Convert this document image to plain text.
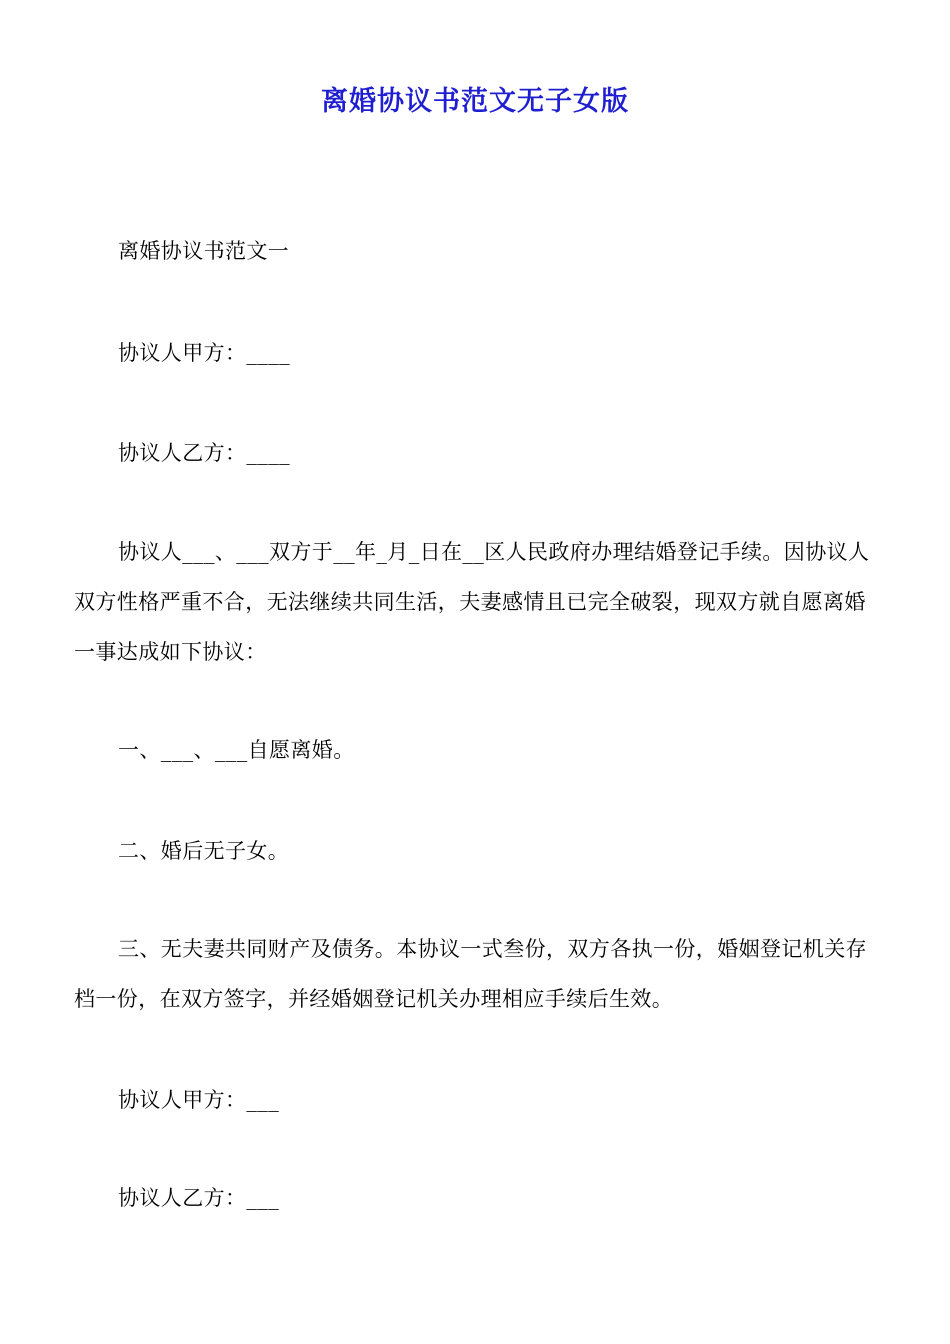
离婚协议书范文无子女版

离婚协议书范文一

协议人甲方：____

协议人乙方：____

协议人___、___双方于__年_月_日在__区人民政府办理结婚登记手续。因协议人双方性格严重不合，无法继续共同生活，夫妻感情且已完全破裂，现双方就自愿离婚一事达成如下协议：

一、___、___自愿离婚。

二、婚后无子女。

三、无夫妻共同财产及债务。本协议一式叁份，双方各执一份，婚姻登记机关存档一份，在双方签字，并经婚姻登记机关办理相应手续后生效。

协议人甲方：___

协议人乙方：___
